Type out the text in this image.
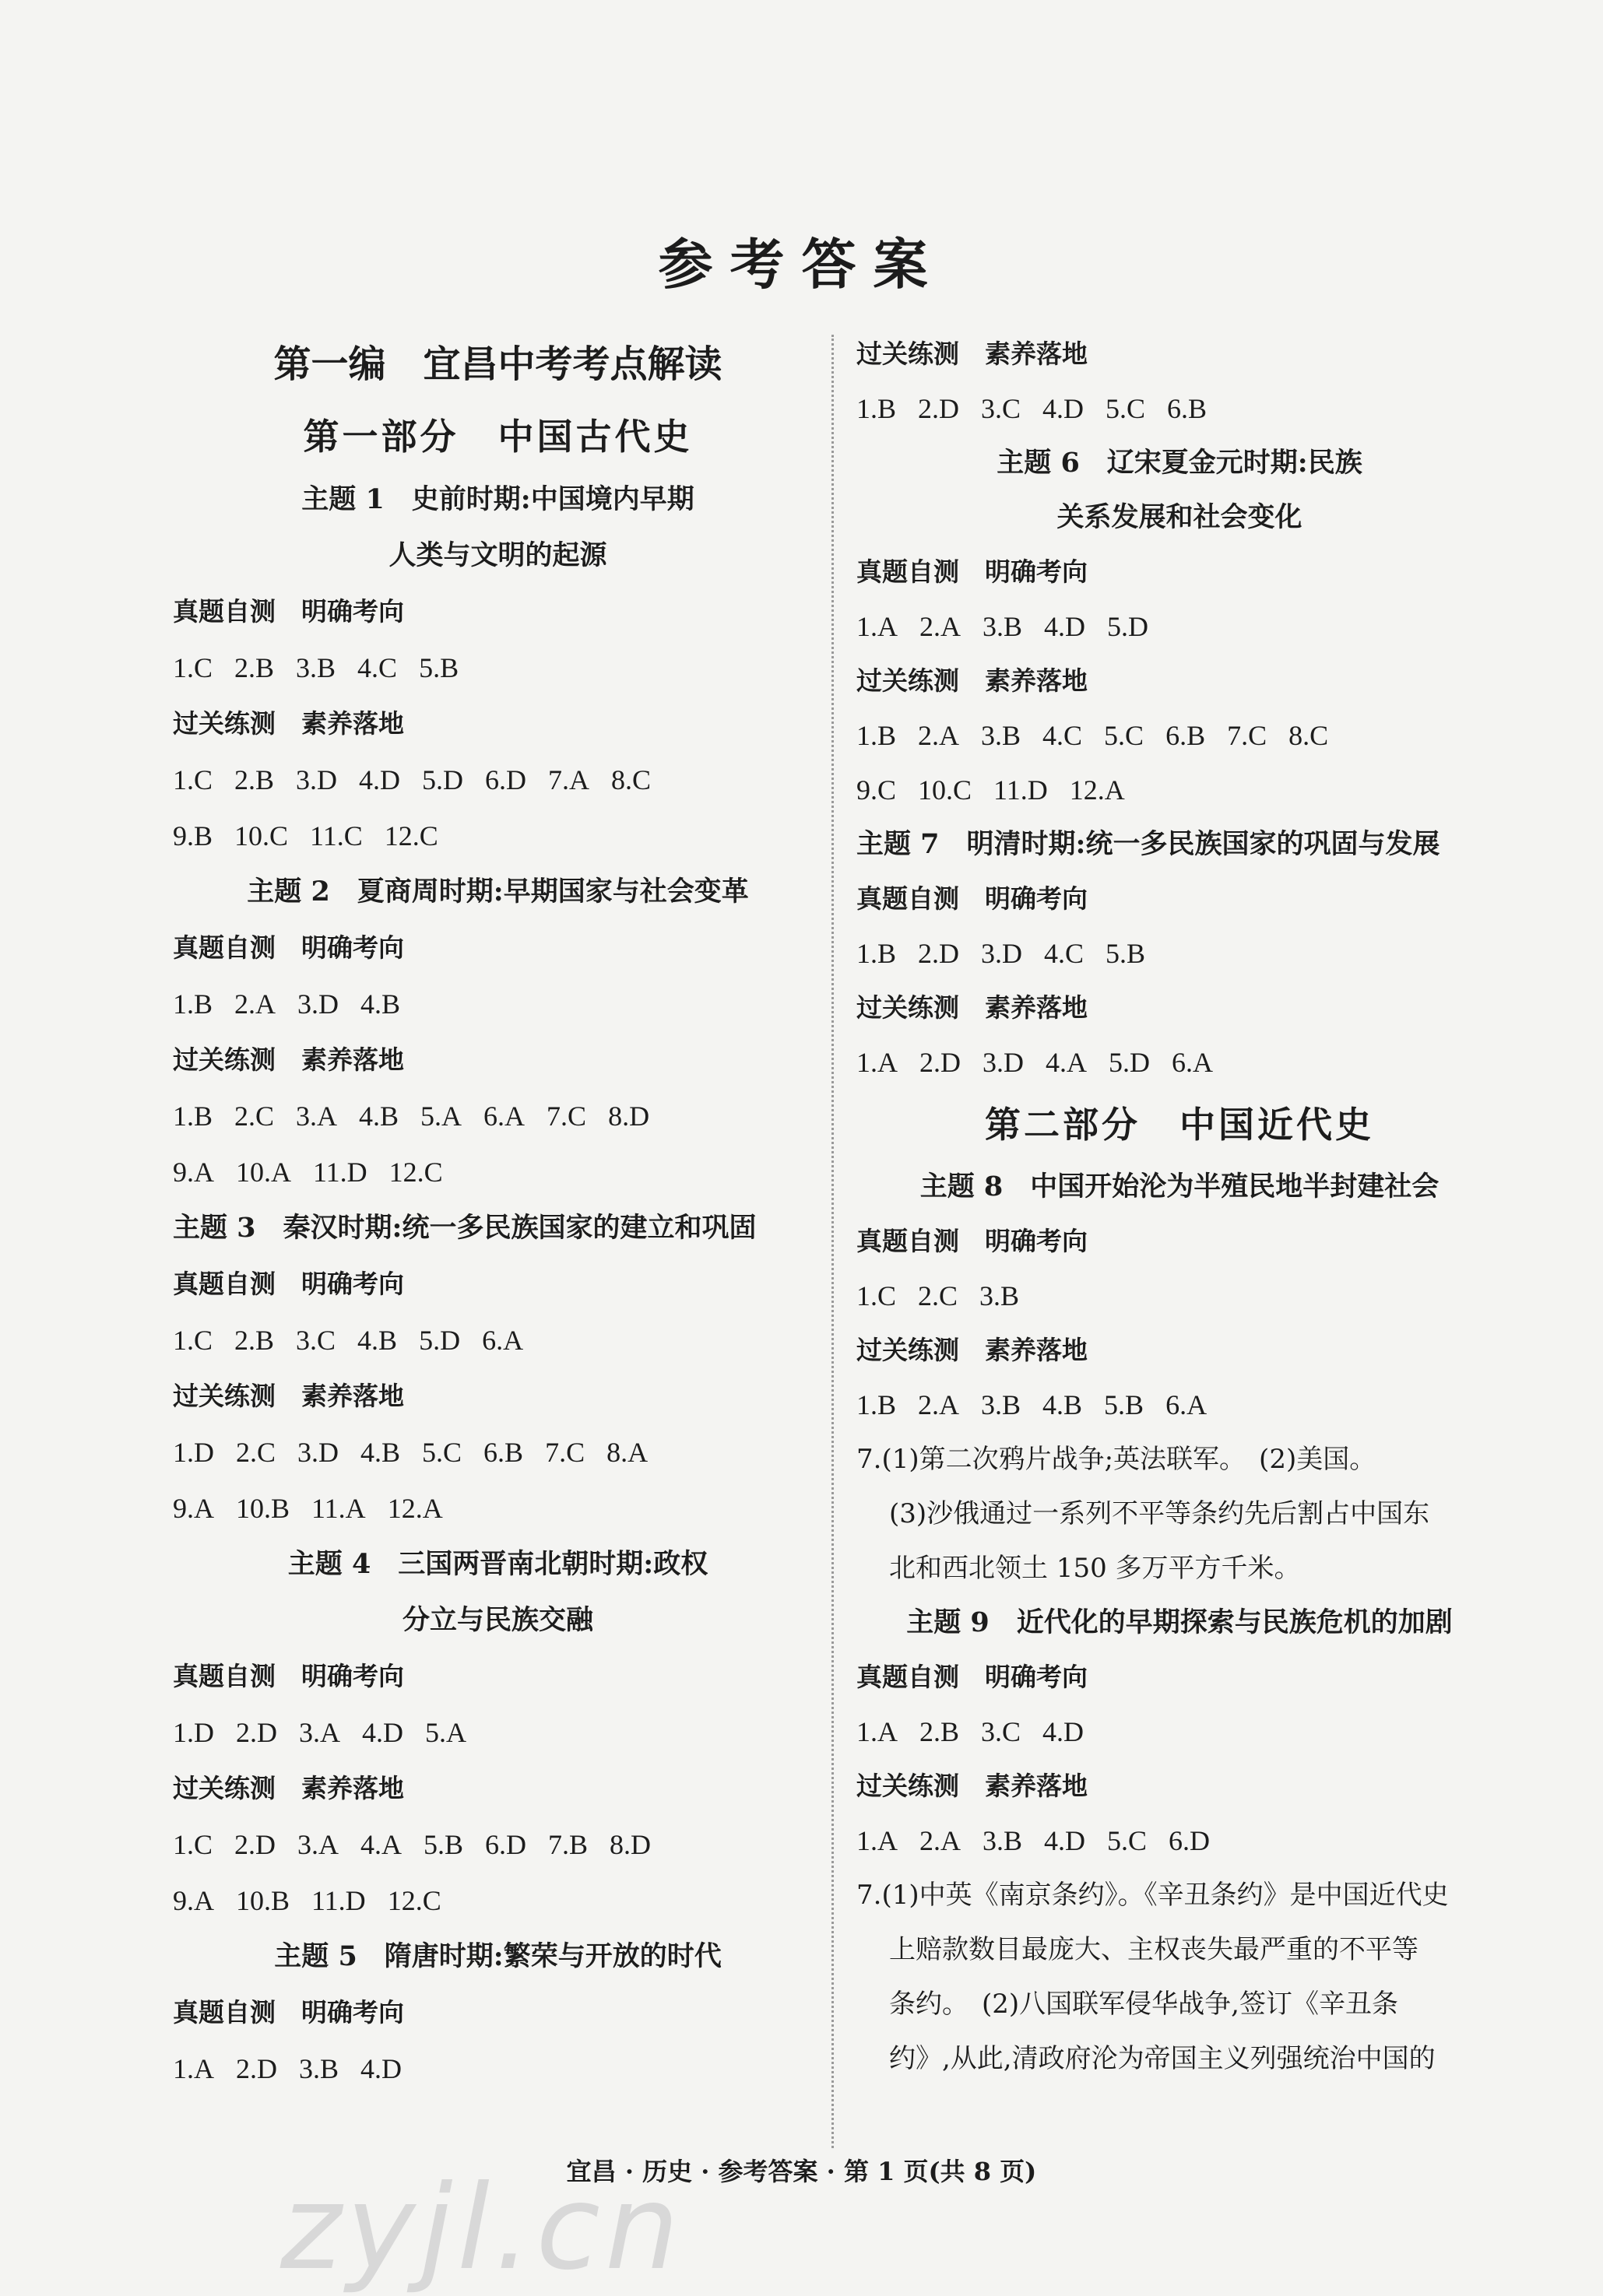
参考答案
第一编　宜昌中考考点解读
第一部分　中国古代史
主题 1　史前时期:中国境内早期
人类与文明的起源
真题自测　明确考向
1.C 2.B 3.B 4.C 5.B
过关练测　素养落地
1.C 2.B 3.D 4.D 5.D 6.D 7.A 8.C
9.B 10.C 11.C 12.C
主题 2　夏商周时期:早期国家与社会变革
真题自测　明确考向
1.B 2.A 3.D 4.B
过关练测　素养落地
1.B 2.C 3.A 4.B 5.A 6.A 7.C 8.D
9.A 10.A 11.D 12.C
主题 3　秦汉时期:统一多民族国家的建立和巩固
真题自测　明确考向
1.C 2.B 3.C 4.B 5.D 6.A
过关练测　素养落地
1.D 2.C 3.D 4.B 5.C 6.B 7.C 8.A
9.A 10.B 11.A 12.A
主题 4　三国两晋南北朝时期:政权
分立与民族交融
真题自测　明确考向
1.D 2.D 3.A 4.D 5.A
过关练测　素养落地
1.C 2.D 3.A 4.A 5.B 6.D 7.B 8.D
9.A 10.B 11.D 12.C
主题 5　隋唐时期:繁荣与开放的时代
真题自测　明确考向
1.A 2.D 3.B 4.D
过关练测　素养落地
1.B 2.D 3.C 4.D 5.C 6.B
主题 6　辽宋夏金元时期:民族
关系发展和社会变化
真题自测　明确考向
1.A 2.A 3.B 4.D 5.D
过关练测　素养落地
1.B 2.A 3.B 4.C 5.C 6.B 7.C 8.C
9.C 10.C 11.D 12.A
主题 7　明清时期:统一多民族国家的巩固与发展
真题自测　明确考向
1.B 2.D 3.D 4.C 5.B
过关练测　素养落地
1.A 2.D 3.D 4.A 5.D 6.A
第二部分　中国近代史
主题 8　中国开始沦为半殖民地半封建社会
真题自测　明确考向
1.C 2.C 3.B
过关练测　素养落地
1.B 2.A 3.B 4.B 5.B 6.A
7.(1)第二次鸦片战争;英法联军。　(2)美国。
(3)沙俄通过一系列不平等条约先后割占中国东
北和西北领土 150 多万平方千米。
主题 9　近代化的早期探索与民族危机的加剧
真题自测　明确考向
1.A 2.B 3.C 4.D
过关练测　素养落地
1.A 2.A 3.B 4.D 5.C 6.D
7.(1)中英《南京条约》。《辛丑条约》是中国近代史
上赔款数目最庞大、主权丧失最严重的不平等
条约。　(2)八国联军侵华战争,签订《辛丑条
约》,从此,清政府沦为帝国主义列强统治中国的
宜昌 · 历史 · 参考答案 · 第 1 页(共 8 页)
zyjl.cn
